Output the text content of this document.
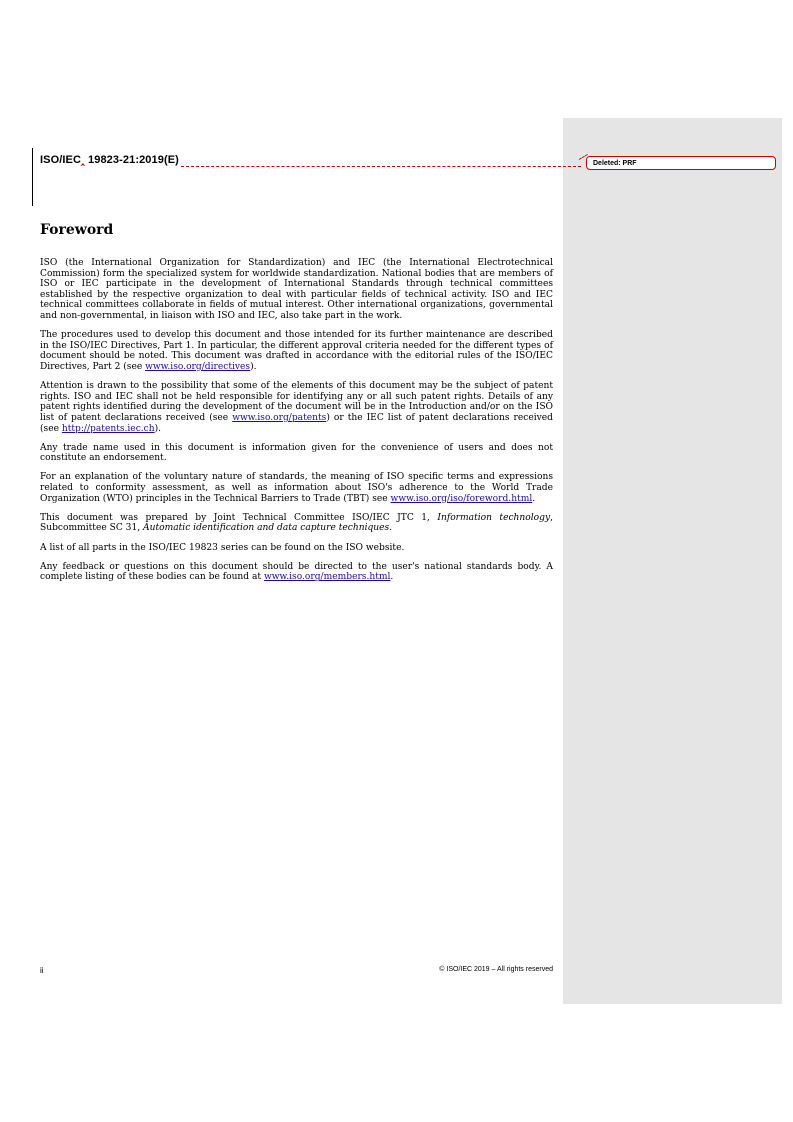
ISO/IEC‸ 19823-21:2019(E)	Deleted: PRF
Foreword

ISO (the International Organization for Standardization) and IEC (the International Electrotechnical Commission) form the specialized system for worldwide standardization. National bodies that are members of ISO or IEC participate in the development of International Standards through technical committees established by the respective organization to deal with particular fields of technical activity. ISO and IEC technical committees collaborate in fields of mutual interest. Other international organizations, governmental and non-governmental, in liaison with ISO and IEC, also take part in the work.

The procedures used to develop this document and those intended for its further maintenance are described in the ISO/IEC Directives, Part 1. In particular, the different approval criteria needed for the different types of document should be noted. This document was drafted in accordance with the editorial rules of the ISO/IEC Directives, Part 2 (see www.iso.org/directives).

Attention is drawn to the possibility that some of the elements of this document may be the subject of patent rights. ISO and IEC shall not be held responsible for identifying any or all such patent rights. Details of any patent rights identified during the development of the document will be in the Introduction and/or on the ISO list of patent declarations received (see www.iso.org/patents) or the IEC list of patent declarations received (see http://patents.iec.ch).

Any trade name used in this document is information given for the convenience of users and does not constitute an endorsement.

For an explanation of the voluntary nature of standards, the meaning of ISO specific terms and expressions related to conformity assessment, as well as information about ISO's adherence to the World Trade Organization (WTO) principles in the Technical Barriers to Trade (TBT) see www.iso.org/iso/foreword.html.

This document was prepared by Joint Technical Committee ISO/IEC JTC 1, Information technology, Subcommittee SC 31, Automatic identification and data capture techniques.

A list of all parts in the ISO/IEC 19823 series can be found on the ISO website.

Any feedback or questions on this document should be directed to the user's national standards body. A complete listing of these bodies can be found at www.iso.org/members.html.

ii	© ISO/IEC 2019 – All rights reserved
